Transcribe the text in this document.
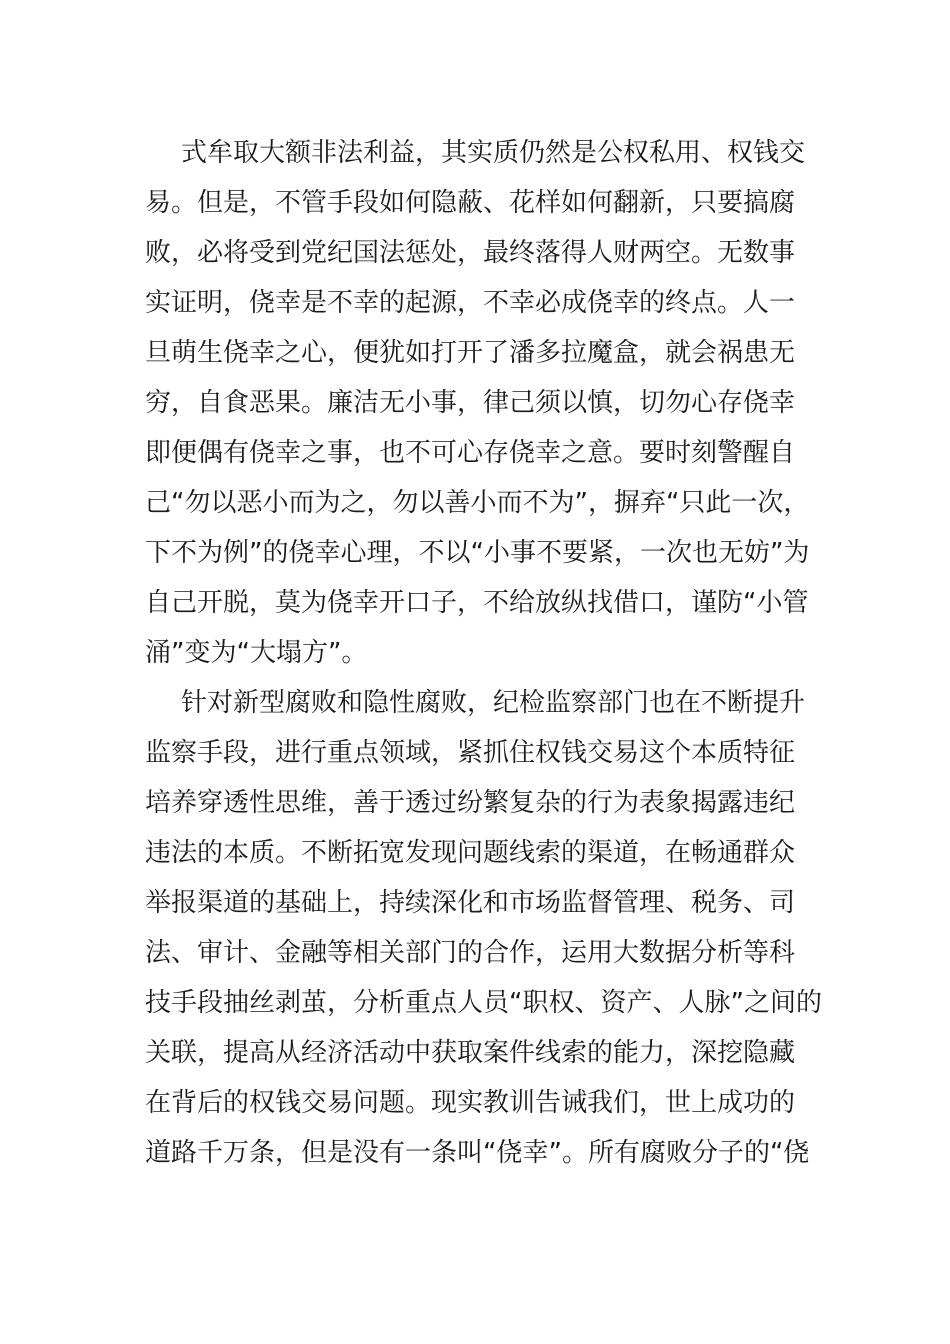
式牟取大额非法利益，其实质仍然是公权私用、权钱交
易。但是，不管手段如何隐蔽、花样如何翻新，只要搞腐
败，必将受到党纪国法惩处，最终落得人财两空。无数事
实证明，侥幸是不幸的起源，不幸必成侥幸的终点。人一
旦萌生侥幸之心，便犹如打开了潘多拉魔盒，就会祸患无
穷，自食恶果。廉洁无小事，律己须以慎，切勿心存侥幸
即便偶有侥幸之事，也不可心存侥幸之意。要时刻警醒自
己“勿以恶小而为之，勿以善小而不为”，摒弃“只此一次，
下不为例”的侥幸心理，不以“小事不要紧，一次也无妨”为
自己开脱，莫为侥幸开口子，不给放纵找借口，谨防“小管
涌”变为“大塌方”。
针对新型腐败和隐性腐败，纪检监察部门也在不断提升
监察手段，进行重点领域，紧抓住权钱交易这个本质特征
培养穿透性思维，善于透过纷繁复杂的行为表象揭露违纪
违法的本质。不断拓宽发现问题线索的渠道，在畅通群众
举报渠道的基础上，持续深化和市场监督管理、税务、司
法、审计、金融等相关部门的合作，运用大数据分析等科
技手段抽丝剥茧，分析重点人员“职权、资产、人脉”之间的
关联，提高从经济活动中获取案件线索的能力，深挖隐藏
在背后的权钱交易问题。现实教训告诫我们，世上成功的
道路千万条，但是没有一条叫“侥幸”。所有腐败分子的“侥
